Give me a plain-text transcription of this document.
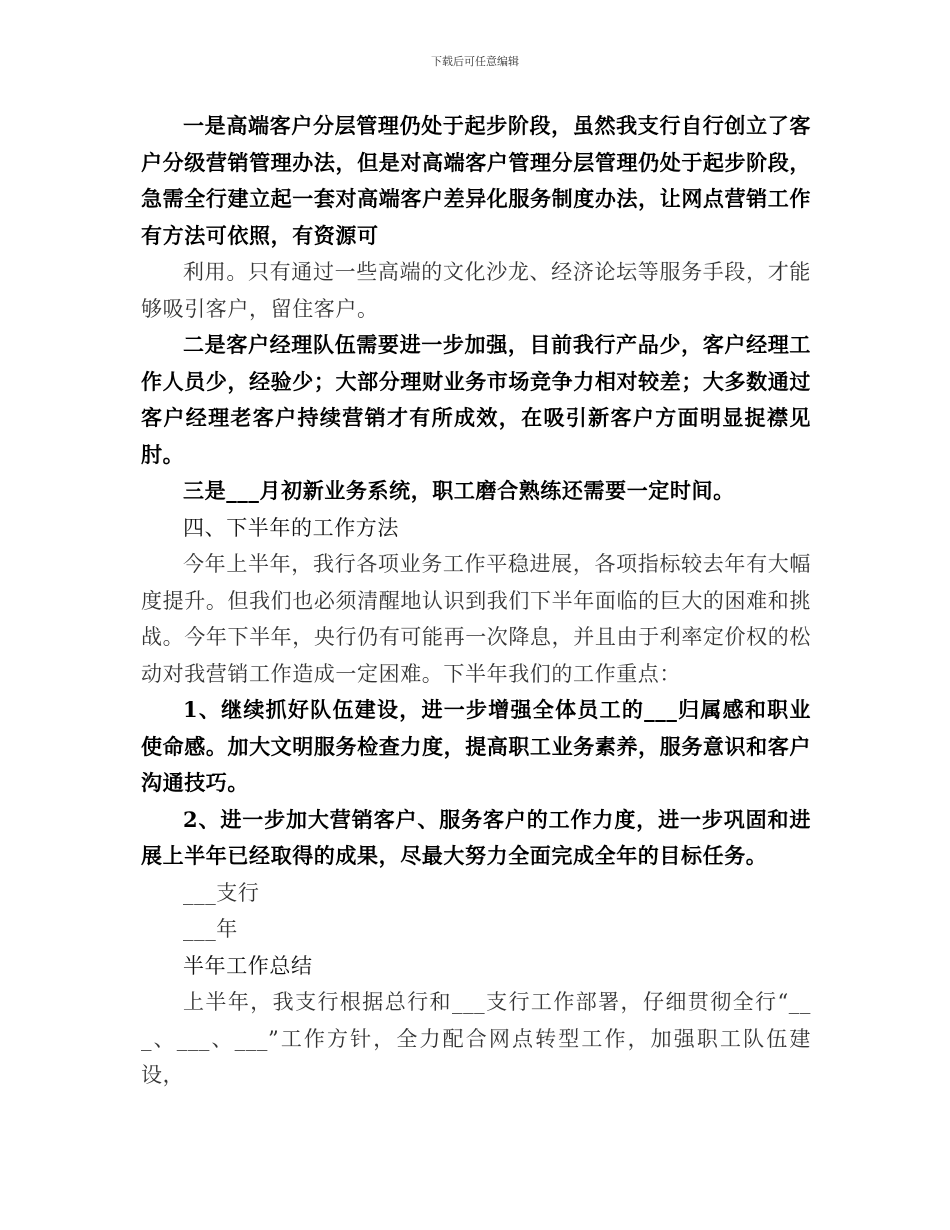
下载后可任意编辑

一是高端客户分层管理仍处于起步阶段，虽然我支行自行创立了客户分级营销管理办法，但是对高端客户管理分层管理仍处于起步阶段，急需全行建立起一套对高端客户差异化服务制度办法，让网点营销工作有方法可依照，有资源可

利用。只有通过一些高端的文化沙龙、经济论坛等服务手段，才能够吸引客户，留住客户。

二是客户经理队伍需要进一步加强，目前我行产品少，客户经理工作人员少，经验少；大部分理财业务市场竞争力相对较差；大多数通过客户经理老客户持续营销才有所成效，在吸引新客户方面明显捉襟见肘。

三是___月初新业务系统，职工磨合熟练还需要一定时间。

四、下半年的工作方法

今年上半年，我行各项业务工作平稳进展，各项指标较去年有大幅度提升。但我们也必须清醒地认识到我们下半年面临的巨大的困难和挑战。今年下半年，央行仍有可能再一次降息，并且由于利率定价权的松动对我营销工作造成一定困难。下半年我们的工作重点：

1、继续抓好队伍建设，进一步增强全体员工的___归属感和职业使命感。加大文明服务检查力度，提高职工业务素养，服务意识和客户沟通技巧。

2、进一步加大营销客户、服务客户的工作力度，进一步巩固和进展上半年已经取得的成果，尽最大努力全面完成全年的目标任务。

___支行

___年

半年工作总结

上半年，我支行根据总行和___支行工作部署，仔细贯彻全行“___、___、___”工作方针，全力配合网点转型工作，加强职工队伍建设，
